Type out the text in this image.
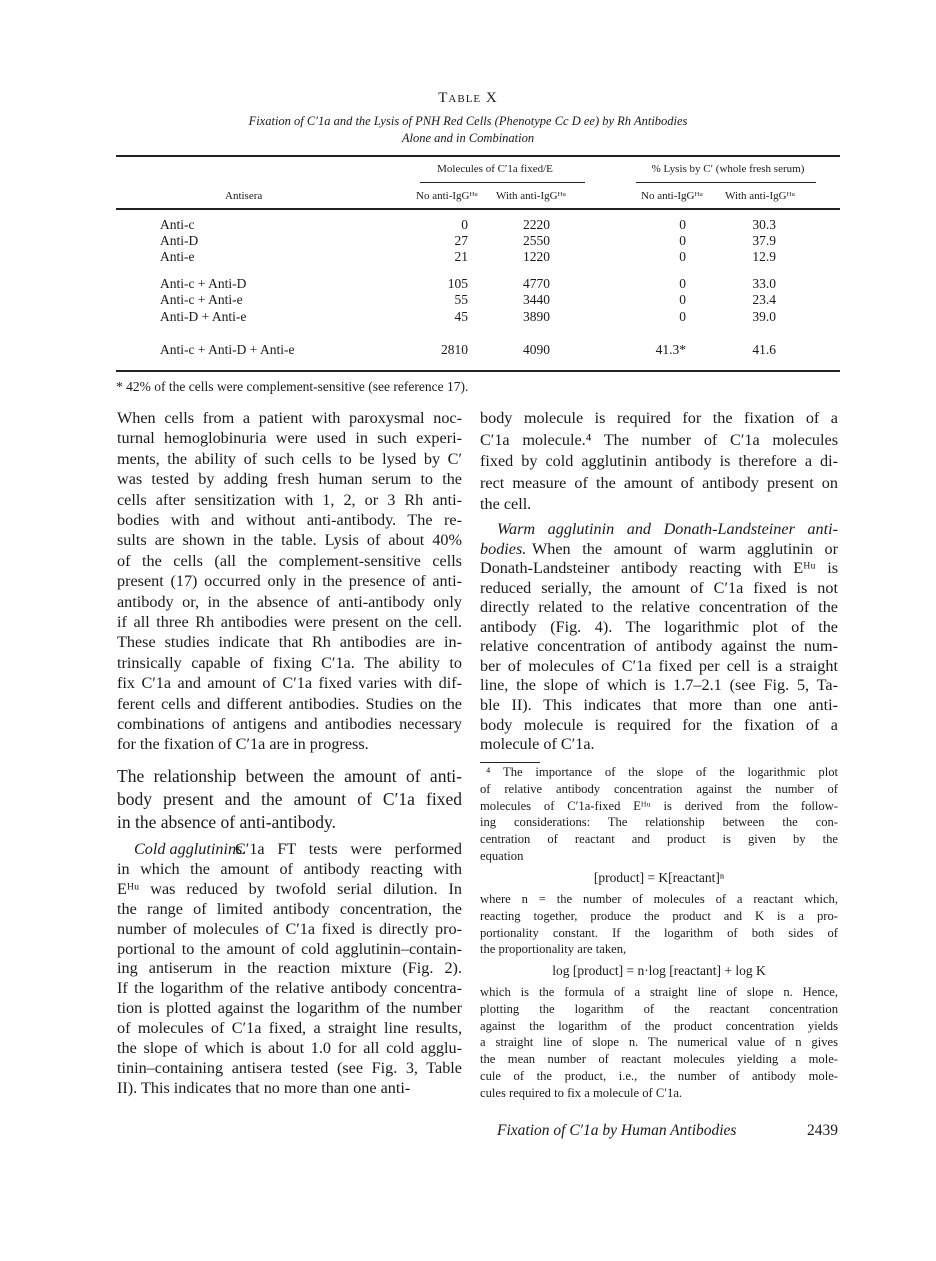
Table X
Fixation of C′1a and the Lysis of PNH Red Cells (Phenotype Cc D ee) by Rh Antibodies
Alone and in Combination
Molecules of C′1a fixed/E	% Lysis by C′ (whole fresh serum)
Antisera	No anti-IgGᴴᵘ With anti-IgGᴴᵘ	No anti-IgGᴴᵘ With anti-IgGᴴᵘ
Anti-c	0	2220	0	30.3
Anti-D	27	2550	0	37.9
Anti-e	21	1220	0	12.9
Anti-c + Anti-D	105	4770	0	33.0
Anti-c + Anti-e	55	3440	0	23.4
Anti-D + Anti-e	45	3890	0	39.0
Anti-c + Anti-D + Anti-e	2810	4090	41.3*	41.6
* 42% of the cells were complement-sensitive (see reference 17).
When cells from a patient with paroxysmal noc-
turnal hemoglobinuria were used in such experi-
ments, the ability of such cells to be lysed by C′
was tested by adding fresh human serum to the
cells after sensitization with 1, 2, or 3 Rh anti-
bodies with and without anti-antibody. The re-
sults are shown in the table. Lysis of about 40%
of the cells (all the complement-sensitive cells
present (17) occurred only in the presence of anti-
antibody or, in the absence of anti-antibody only
if all three Rh antibodies were present on the cell.
These studies indicate that Rh antibodies are in-
trinsically capable of fixing C′1a. The ability to
fix C′1a and amount of C′1a fixed varies with dif-
ferent cells and different antibodies. Studies on the
combinations of antigens and antibodies necessary
for the fixation of C′1a are in progress.
The relationship between the amount of anti-
body present and the amount of C′1a fixed
in the absence of anti-antibody.
Cold agglutinins.
C′1a FT tests were performed
in which the amount of antibody reacting with
Eᴴᵘ was reduced by twofold serial dilution. In
the range of limited antibody concentration, the
number of molecules of C′1a fixed is directly pro-
portional to the amount of cold agglutinin–contain-
ing antiserum in the reaction mixture (Fig. 2).
If the logarithm of the relative antibody concentra-
tion is plotted against the logarithm of the number
of molecules of C′1a fixed, a straight line results,
the slope of which is about 1.0 for all cold agglu-
tinin–containing antisera tested (see Fig. 3, Table
II). This indicates that no more than one anti-
body molecule is required for the fixation of a
C′1a molecule.⁴ The number of C′1a molecules
fixed by cold agglutinin antibody is therefore a di-
rect measure of the amount of antibody present on
the cell.
Warm agglutinin and Donath-Landsteiner anti-
bodies. When the amount of warm agglutinin or
Donath-Landsteiner antibody reacting with Eᴴᵘ is
reduced serially, the amount of C′1a fixed is not
directly related to the relative concentration of the
antibody (Fig. 4). The logarithmic plot of the
relative concentration of antibody against the num-
ber of molecules of C′1a fixed per cell is a straight
line, the slope of which is 1.7–2.1 (see Fig. 5, Ta-
ble II). This indicates that more than one anti-
body molecule is required for the fixation of a
molecule of C′1a.
⁴ The importance of the slope of the logarithmic plot
of relative antibody concentration against the number of
molecules of C′1a-fixed Eᴴᵘ is derived from the follow-
ing considerations: The relationship between the con-
centration of reactant and product is given by the
equation
[product] = K[reactant]ⁿ
where n = the number of molecules of a reactant which,
reacting together, produce the product and K is a pro-
portionality constant. If the logarithm of both sides of
the proportionality are taken,
log [product] = n·log [reactant] + log K
which is the formula of a straight line of slope n. Hence,
plotting the logarithm of the reactant concentration
against the logarithm of the product concentration yields
a straight line of slope n. The numerical value of n gives
the mean number of reactant molecules yielding a mole-
cule of the product, i.e., the number of antibody mole-
cules required to fix a molecule of C′1a.
Fixation of C′1a by Human Antibodies	2439
